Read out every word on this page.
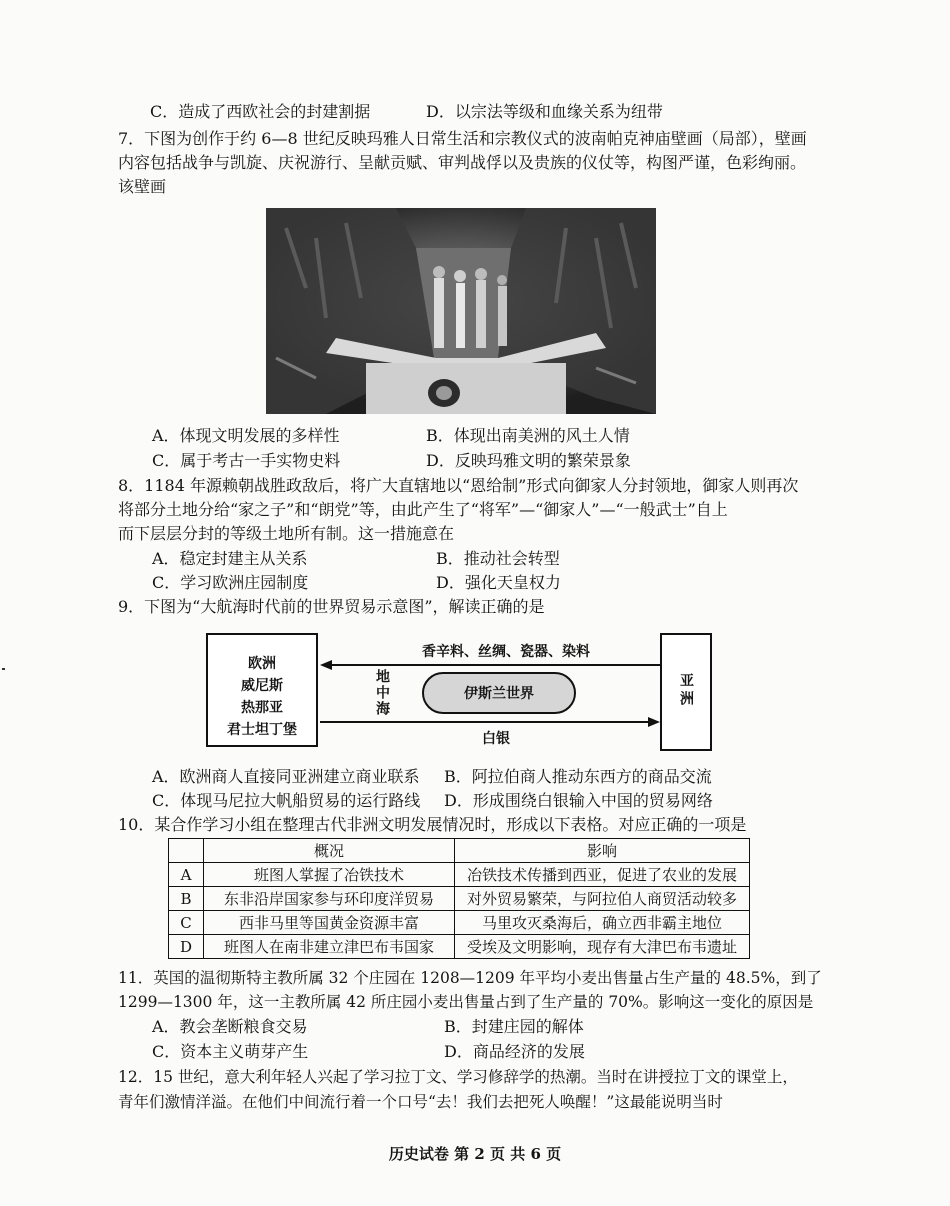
C．造成了西欧社会的封建割据	D．以宗法等级和血缘关系为纽带
7．下图为创作于约 6—8 世纪反映玛雅人日常生活和宗教仪式的波南帕克神庙壁画（局部），壁画
内容包括战争与凯旋、庆祝游行、呈献贡赋、审判战俘以及贵族的仪仗等，构图严谨，色彩绚丽。
该壁画
A．体现文明发展的多样性	B．体现出南美洲的风土人情
C．属于考古一手实物史料	D．反映玛雅文明的繁荣景象
8．1184 年源赖朝战胜政敌后，将广大直辖地以“恩给制”形式向御家人分封领地，御家人则再次
将部分土地分给“家之子”和“朗党”等，由此产生了“将军”—“御家人”—“一般武士”自上
而下层层分封的等级土地所有制。这一措施意在
A．稳定封建主从关系	B．推动社会转型
C．学习欧洲庄园制度	D．强化天皇权力
9．下图为“大航海时代前的世界贸易示意图”，解读正确的是
欧洲
威尼斯
热那亚
君士坦丁堡
亚洲
香辛料、丝绸、瓷器、染料
地中海	伊斯兰世界
白银
A．欧洲商人直接同亚洲建立商业联系 B．阿拉伯商人推动东西方的商品交流
C．体现马尼拉大帆船贸易的运行路线 D．形成围绕白银输入中国的贸易网络
10．某合作学习小组在整理古代非洲文明发展情况时，形成以下表格。对应正确的一项是
	概况	影响
A	班图人掌握了冶铁技术	冶铁技术传播到西亚，促进了农业的发展
B	东非沿岸国家参与环印度洋贸易	对外贸易繁荣，与阿拉伯人商贸活动较多
C	西非马里等国黄金资源丰富	马里攻灭桑海后，确立西非霸主地位
D	班图人在南非建立津巴布韦国家	受埃及文明影响，现存有大津巴布韦遗址
11．英国的温彻斯特主教所属 32 个庄园在 1208—1209 年平均小麦出售量占生产量的 48.5%，到了
1299—1300 年，这一主教所属 42 所庄园小麦出售量占到了生产量的 70%。影响这一变化的原因是
A．教会垄断粮食交易	B．封建庄园的解体
C．资本主义萌芽产生	D．商品经济的发展
12．15 世纪，意大利年轻人兴起了学习拉丁文、学习修辞学的热潮。当时在讲授拉丁文的课堂上，
青年们激情洋溢。在他们中间流行着一个口号“去！我们去把死人唤醒！”这最能说明当时
历史试卷 第 2 页 共 6 页
